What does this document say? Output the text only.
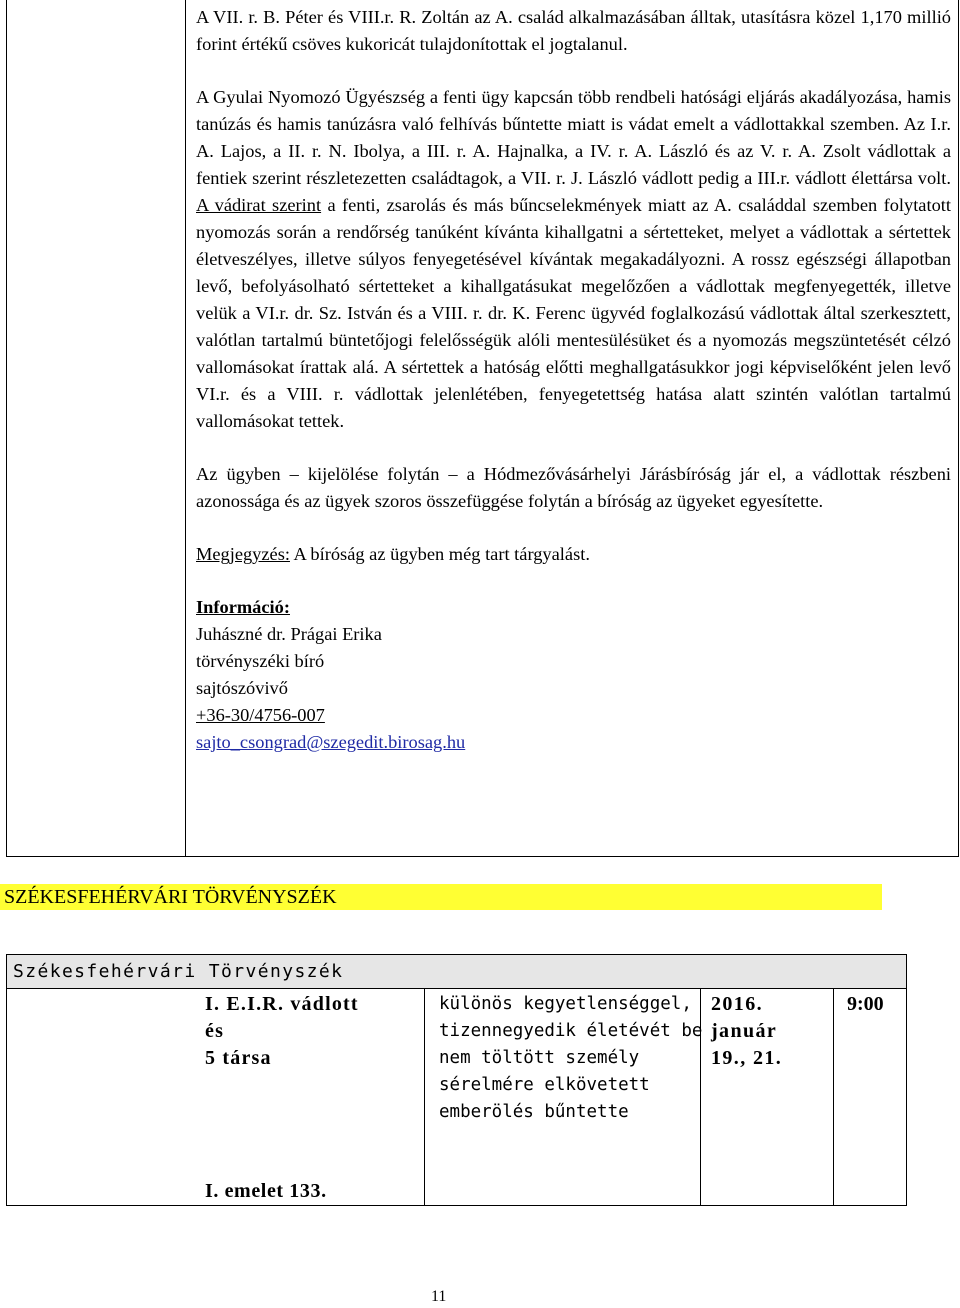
A VII. r. B. Péter és VIII.r. R. Zoltán az A. család alkalmazásában álltak, utasításra közel 1,170 millió forint értékű csöves kukoricát tulajdonítottak el jogtalanul.

A Gyulai Nyomozó Ügyészség a fenti ügy kapcsán több rendbeli hatósági eljárás akadályozása, hamis tanúzás és hamis tanúzásra való felhívás bűntette miatt is vádat emelt a vádlottakkal szemben. Az I.r. A. Lajos, a II. r. N. Ibolya, a III. r. A. Hajnalka, a IV. r. A. László és az V. r. A. Zsolt vádlottak a fentiek szerint részletezetten családtagok, a VII. r. J. László vádlott pedig a III.r. vádlott élettársa volt. A vádirat szerint a fenti, zsarolás és más bűncselekmények miatt az A. családdal szemben folytatott nyomozás során a rendőrség tanúként kívánta kihallgatni a sértetteket, melyet a vádlottak a sértettek életveszélyes, illetve súlyos fenyegetésével kívántak megakadályozni. A rossz egészségi állapotban levő, befolyásolható sértetteket a kihallgatásukat megelőzően a vádlottak megfenyegették, illetve velük a VI.r. dr. Sz. István és a VIII. r. dr. K. Ferenc ügyvéd foglalkozású vádlottak által szerkesztett, valótlan tartalmú büntetőjogi felelősségük alóli mentesülésüket és a nyomozás megszüntetését célzó vallomásokat írattak alá. A sértettek a hatóság előtti meghallgatásukkor jogi képviselőként jelen levő VI.r. és a VIII. r. vádlottak jelenlétében, fenyegetettség hatása alatt szintén valótlan tartalmú vallomásokat tettek.

Az ügyben – kijelölése folytán – a Hódmezővásárhelyi Járásbíróság jár el, a vádlottak részbeni azonossága és az ügyek szoros összefüggése folytán a bíróság az ügyeket egyesítette.

Megjegyzés: A bíróság az ügyben még tart tárgyalást.

Információ:
Juhászné dr. Prágai Erika
törvényszéki bíró
sajtószóvivő
+36-30/4756-007
sajto_csongrad@szegedit.birosag.hu
SZÉKESFEHÉRVÁRI TÖRVÉNYSZÉK
Székesfehérvári Törvényszék
I. E.I.R. vádlott
és
5 társa
I. emelet 133.
különös kegyetlenséggel, tizennegyedik életévét be nem töltött személy sérelmére elkövetett emberölés bűntette
2016.
január
19., 21.
9:00
11
